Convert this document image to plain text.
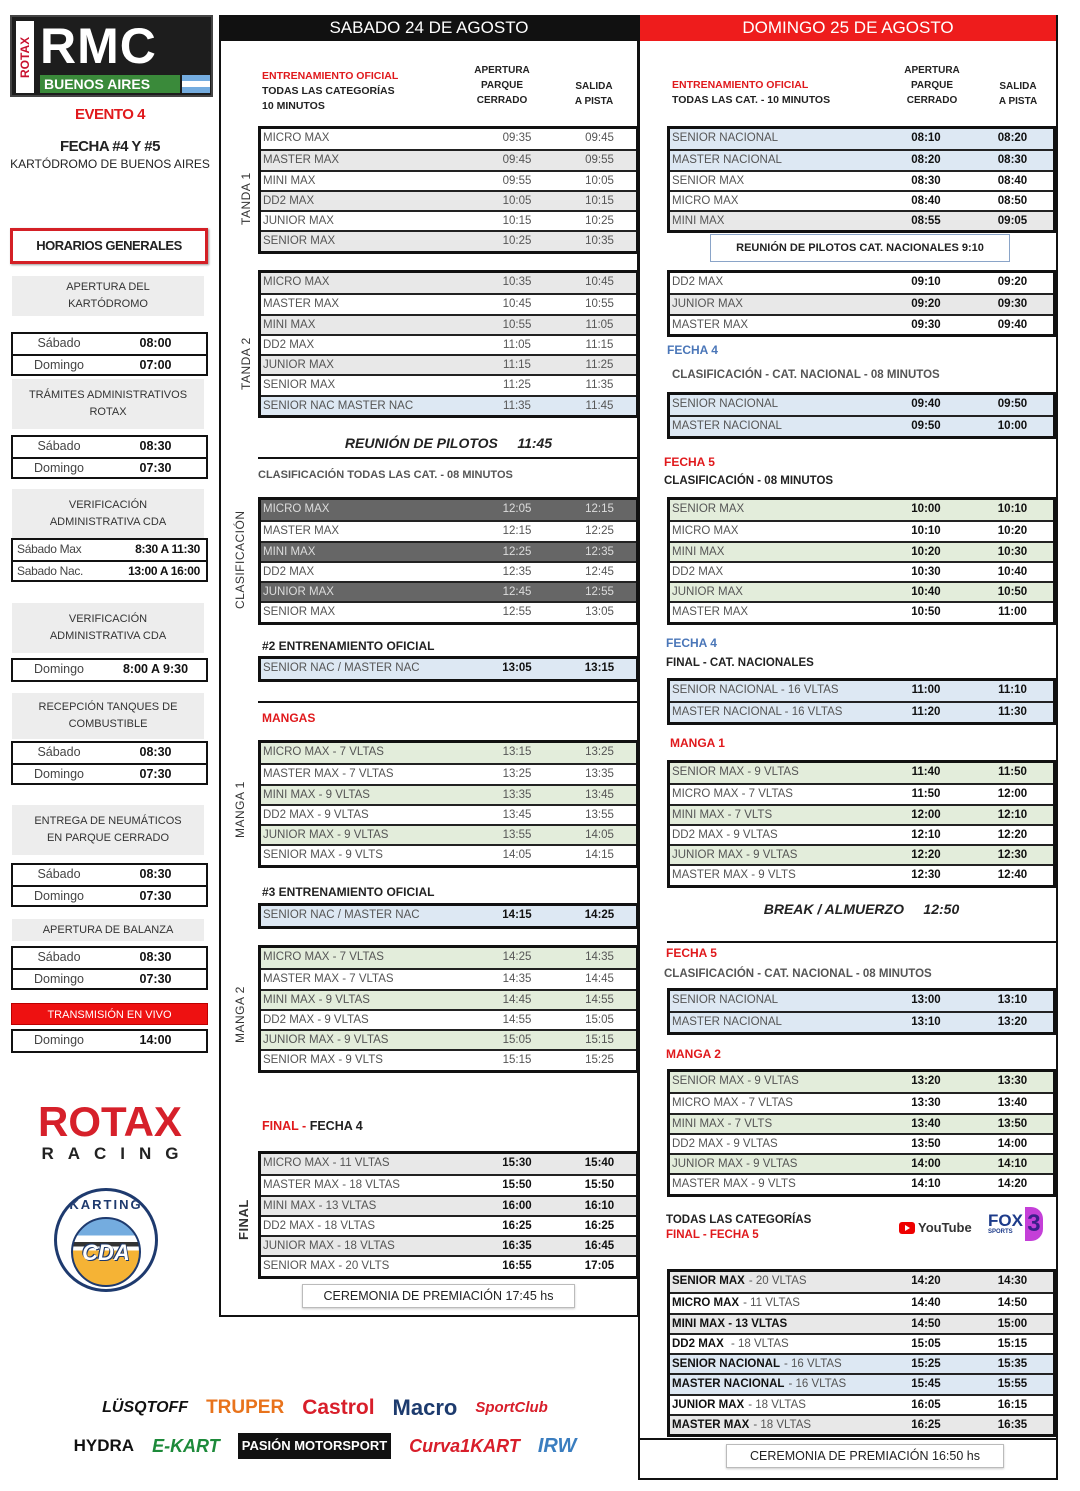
ROTAX RMC
BUENOS AIRES
EVENTO 4
FECHA #4 Y #5
KARTÓDROMO DE BUENOS AIRES
HORARIOS GENERALES
ROTAX
RACING
KARTING
CDA
SABADO 24 DE AGOSTO
ENTRENAMIENTO OFICIAL
TODAS LAS CATEGORÍAS
10 MINUTOS
APERTURA
PARQUE
CERRADO
SALIDA
A PISTA
TANDA 1
MICRO MAX	09:35	09:45
MASTER MAX	09:45	09:55
MINI MAX	09:55	10:05
DD2 MAX	10:05	10:15
JUNIOR MAX	10:15	10:25
SENIOR MAX	10:25	10:35
TANDA 2
MICRO MAX	10:35	10:45
MASTER MAX	10:45	10:55
MINI MAX	10:55	11:05
DD2 MAX	11:05	11:15
JUNIOR MAX	11:15	11:25
SENIOR MAX	11:25	11:35
SENIOR NAC MASTER NAC	11:35	11:45
REUNIÓN DE PILOTOS     11:45
CLASIFICACIÓN TODAS LAS CAT. - 08 MINUTOS
CLASIFICACIÓN
MICRO MAX	12:05	12:15
MASTER MAX	12:15	12:25
MINI MAX	12:25	12:35
DD2 MAX	12:35	12:45
JUNIOR MAX	12:45	12:55
SENIOR MAX	12:55	13:05
#2 ENTRENAMIENTO OFICIAL
SENIOR NAC / MASTER NAC	13:05	13:15
MANGAS
MANGA 1
MICRO MAX - 7 VLTAS	13:15	13:25
MASTER MAX - 7 VLTAS	13:25	13:35
MINI MAX - 9 VLTAS	13:35	13:45
DD2 MAX - 9 VLTAS	13:45	13:55
JUNIOR MAX - 9 VLTAS	13:55	14:05
SENIOR MAX - 9 VLTS	14:05	14:15
#3 ENTRENAMIENTO OFICIAL
SENIOR NAC / MASTER NAC	14:15	14:25
MANGA 2
MICRO MAX - 7 VLTAS	14:25	14:35
MASTER MAX - 7 VLTAS	14:35	14:45
MINI MAX - 9 VLTAS	14:45	14:55
DD2 MAX - 9 VLTAS	14:55	15:05
JUNIOR MAX - 9 VLTAS	15:05	15:15
SENIOR MAX - 9 VLTS	15:15	15:25
FINAL - FECHA 4
FINAL
MICRO MAX - 11 VLTAS	15:30	15:40
MASTER MAX - 18 VLTAS	15:50	15:50
MINI MAX - 13 VLTAS	16:00	16:10
DD2 MAX - 18 VLTAS	16:25	16:25
JUNIOR MAX - 18 VLTAS	16:35	16:45
SENIOR MAX - 20 VLTS	16:55	17:05
CEREMONIA DE PREMIACIÓN 17:45 hs
DOMINGO 25 DE AGOSTO
ENTRENAMIENTO OFICIAL
TODAS LAS CAT. - 10 MINUTOS
APERTURA
PARQUE
CERRADO
SALIDA
A PISTA
SENIOR NACIONAL	08:10	08:20
MASTER NACIONAL	08:20	08:30
SENIOR MAX	08:30	08:40
MICRO MAX	08:40	08:50
MINI MAX	08:55	09:05
REUNIÓN DE PILOTOS CAT. NACIONALES 9:10
DD2 MAX	09:10	09:20
JUNIOR MAX	09:20	09:30
MASTER MAX	09:30	09:40
FECHA 4
CLASIFICACIÓN - CAT. NACIONAL - 08 MINUTOS
SENIOR NACIONAL	09:40	09:50
MASTER NACIONAL	09:50	10:00
FECHA 5
CLASIFICACIÓN - 08 MINUTOS
SENIOR MAX	10:00	10:10
MICRO MAX	10:10	10:20
MINI MAX	10:20	10:30
DD2 MAX	10:30	10:40
JUNIOR MAX	10:40	10:50
MASTER MAX	10:50	11:00
FECHA 4
FINAL - CAT. NACIONALES
SENIOR NACIONAL - 16 VLTAS	11:00	11:10
MASTER NACIONAL - 16 VLTAS	11:20	11:30
MANGA 1
SENIOR MAX - 9 VLTAS	11:40	11:50
MICRO MAX - 7 VLTAS	11:50	12:00
MINI MAX - 7 VLTS	12:00	12:10
DD2 MAX - 9 VLTAS	12:10	12:20
JUNIOR MAX - 9 VLTAS	12:20	12:30
MASTER MAX - 9 VLTS	12:30	12:40
BREAK / ALMUERZO     12:50
FECHA 5
CLASIFICACIÓN - CAT. NACIONAL - 08 MINUTOS
SENIOR NACIONAL	13:00	13:10
MASTER NACIONAL	13:10	13:20
MANGA 2
SENIOR MAX - 9 VLTAS	13:20	13:30
MICRO MAX - 7 VLTAS	13:30	13:40
MINI MAX - 7 VLTS	13:40	13:50
DD2 MAX - 9 VLTAS	13:50	14:00
JUNIOR MAX - 9 VLTAS	14:00	14:10
MASTER MAX - 9 VLTS	14:10	14:20
TODAS LAS CATEGORÍAS
FINAL - FECHA 5	YouTube FOX
SPORTS 3
SENIOR MAX - 20 VLTAS	14:20	14:30
MICRO MAX - 11 VLTAS	14:40	14:50
MINI MAX - 13 VLTAS	14:50	15:00
DD2 MAX - 18 VLTAS	15:05	15:15
SENIOR NACIONAL - 16 VLTAS	15:25	15:35
MASTER NACIONAL - 16 VLTAS	15:45	15:55
JUNIOR MAX - 18 VLTAS	16:05	16:15
MASTER MAX - 18 VLTAS	16:25	16:35
CEREMONIA DE PREMIACIÓN 16:50 hs
LÜSQTOFF TRUPER Castrol Macro SportClub
HYDRA E-KART	PASIÓN MOTORSPORT Curva1KART IRW
APERTURA DEL KARTÓDROMO
Sábado	08:00
Domingo	07:00
TRÁMITES ADMINISTRATIVOS ROTAX
Sábado	08:30
Domingo	07:30
VERIFICACIÓN ADMINISTRATIVA CDA
Sábado Max	8:30 A 11:30
Sabado Nac.	13:00 A 16:00
VERIFICACIÓN ADMINISTRATIVA CDA
Domingo	8:00 A 9:30
RECEPCIÓN TANQUES DE COMBUSTIBLE
Sábado	08:30
Domingo	07:30
ENTREGA DE NEUMÁTICOS EN PARQUE CERRADO
Sábado	08:30
Domingo	07:30
APERTURA DE BALANZA
Sábado	08:30
Domingo	07:30
TRANSMISIÓN EN VIVO
Domingo	14:00
